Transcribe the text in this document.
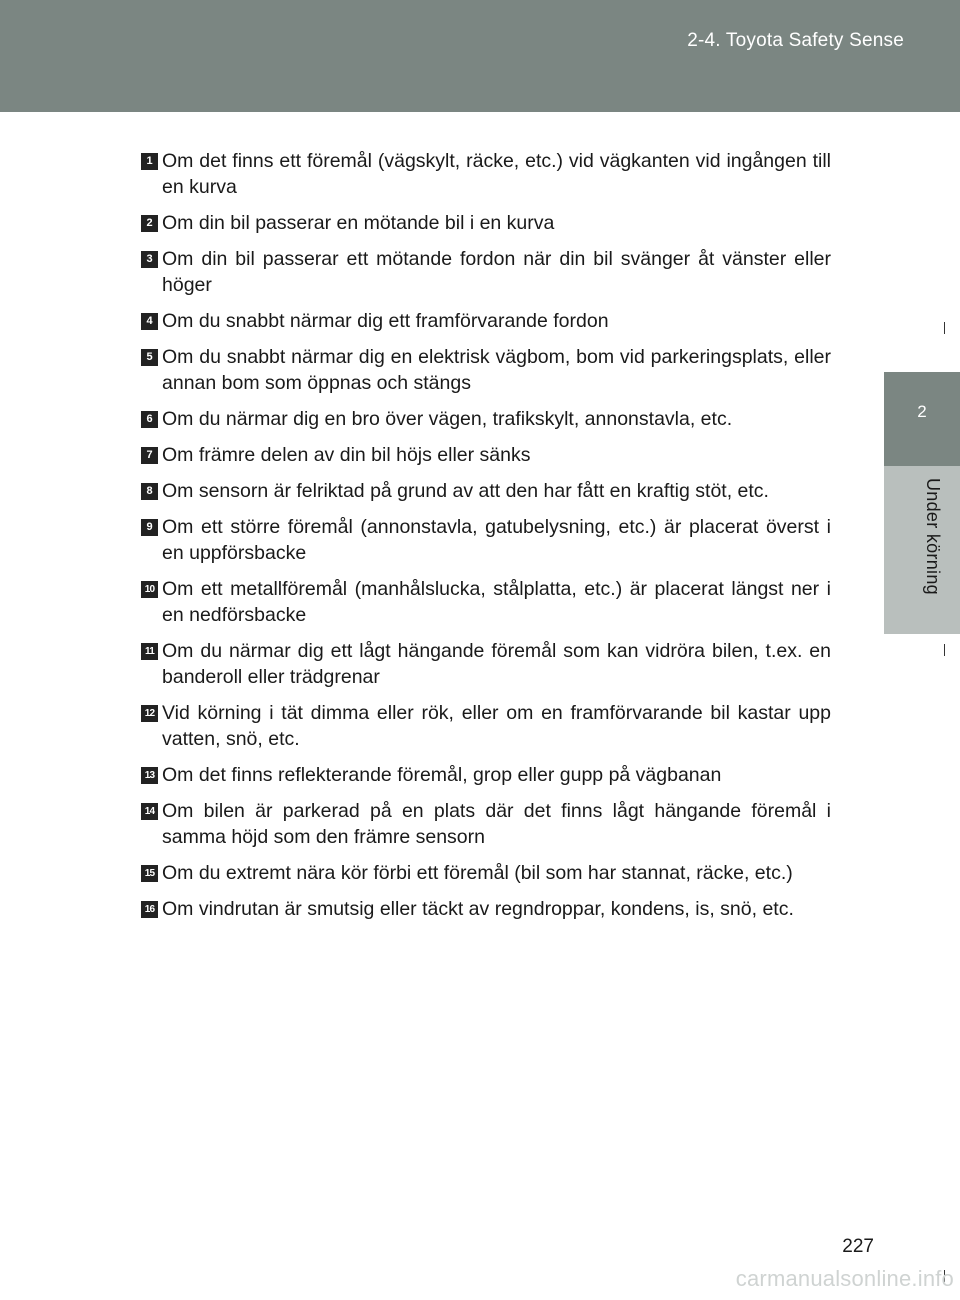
2-4. Toyota Safety Sense
2
Under körning
1 Om det finns ett föremål (vägskylt, räcke, etc.) vid vägkanten vid ingången till en kurva
2 Om din bil passerar en mötande bil i en kurva
3 Om din bil passerar ett mötande fordon när din bil svänger åt vänster eller höger
4 Om du snabbt närmar dig ett framförvarande fordon
5 Om du snabbt närmar dig en elektrisk vägbom, bom vid parkeringsplats, eller annan bom som öppnas och stängs
6 Om du närmar dig en bro över vägen, trafikskylt, annonstavla, etc.
7 Om främre delen av din bil höjs eller sänks
8 Om sensorn är felriktad på grund av att den har fått en kraftig stöt, etc.
9 Om ett större föremål (annonstavla, gatubelysning, etc.) är placerat överst i en uppförsbacke
10 Om ett metallföremål (manhålslucka, stålplatta, etc.) är placerat längst ner i en nedförsbacke
11 Om du närmar dig ett lågt hängande föremål som kan vidröra bilen, t.ex. en banderoll eller trädgrenar
12 Vid körning i tät dimma eller rök, eller om en framförvarande bil kastar upp vatten, snö, etc.
13 Om det finns reflekterande föremål, grop eller gupp på vägbanan
14 Om bilen är parkerad på en plats där det finns lågt hängande föremål i samma höjd som den främre sensorn
15 Om du extremt nära kör förbi ett föremål (bil som har stannat, räcke, etc.)
16 Om vindrutan är smutsig eller täckt av regndroppar, kondens, is, snö, etc.
227
carmanualsonline.info
